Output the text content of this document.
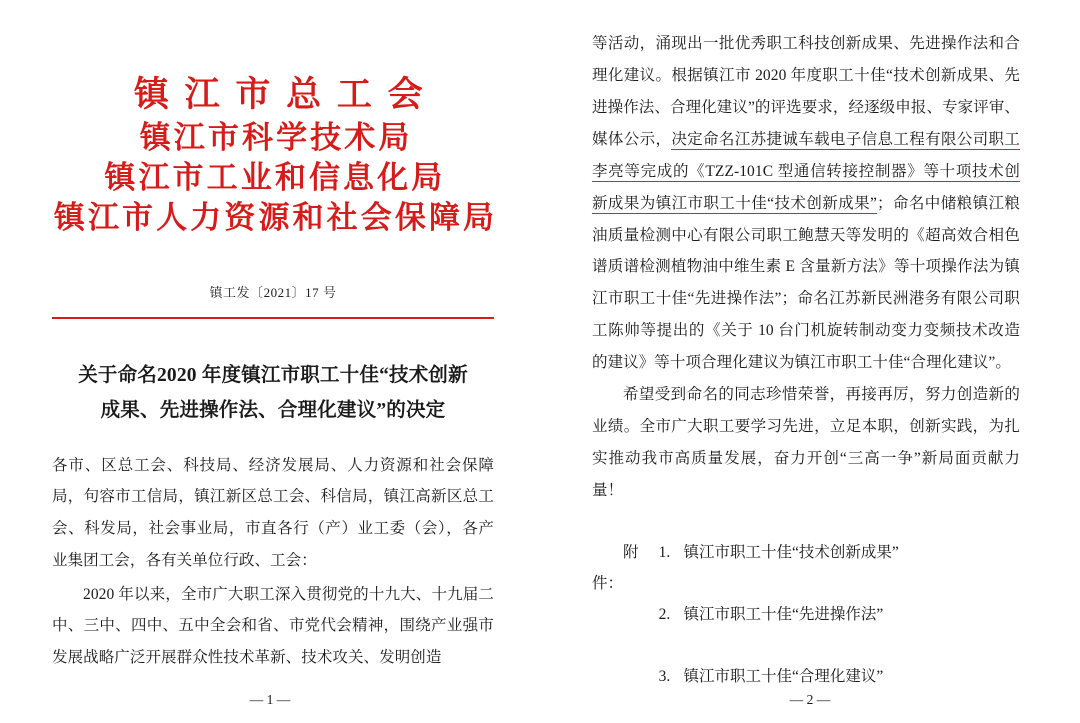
镇 江 市 总 工 会
镇江市科学技术局
镇江市工业和信息化局
镇江市人力资源和社会保障局
镇工发〔2021〕17 号
关于命名2020 年度镇江市职工十佳“技术创新
成果、先进操作法、合理化建议”的决定

各市、区总工会、科技局、经济发展局、人力资源和社会保障局，句容市工信局，镇江新区总工会、科信局，镇江高新区总工会、科发局，社会事业局，市直各行（产）业工委（会），各产业集团工会，各有关单位行政、工会：

2020 年以来，全市广大职工深入贯彻党的十九大、十九届二中、三中、四中、五中全会和省、市党代会精神，围绕产业强市发展战略广泛开展群众性技术革新、技术攻关、发明创造

— 1 —

等活动，涌现出一批优秀职工科技创新成果、先进操作法和合理化建议。根据镇江市 2020 年度职工十佳“技术创新成果、先进操作法、合理化建议”的评选要求，经逐级申报、专家评审、媒体公示，决定命名江苏捷诚车载电子信息工程有限公司职工李亮等完成的《TZZ-101C 型通信转接控制器》等十项技术创新成果为镇江市职工十佳“技术创新成果”；命名中储粮镇江粮油质量检测中心有限公司职工鲍慧天等发明的《超高效合相色谱质谱检测植物油中维生素 E 含量新方法》等十项操作法为镇江市职工十佳“先进操作法”；命名江苏新民洲港务有限公司职工陈帅等提出的《关于 10 台门机旋转制动变力变频技术改造的建议》等十项合理化建议为镇江市职工十佳“合理化建议”。

希望受到命名的同志珍惜荣誉，再接再厉，努力创造新的业绩。全市广大职工要学习先进，立足本职，创新实践，为扎实推动我市高质量发展，奋力开创“三高一争”新局面贡献力量！

附件：
1. 镇江市职工十佳“技术创新成果”
2. 镇江市职工十佳“先进操作法”
3. 镇江市职工十佳“合理化建议”
— 2 —
